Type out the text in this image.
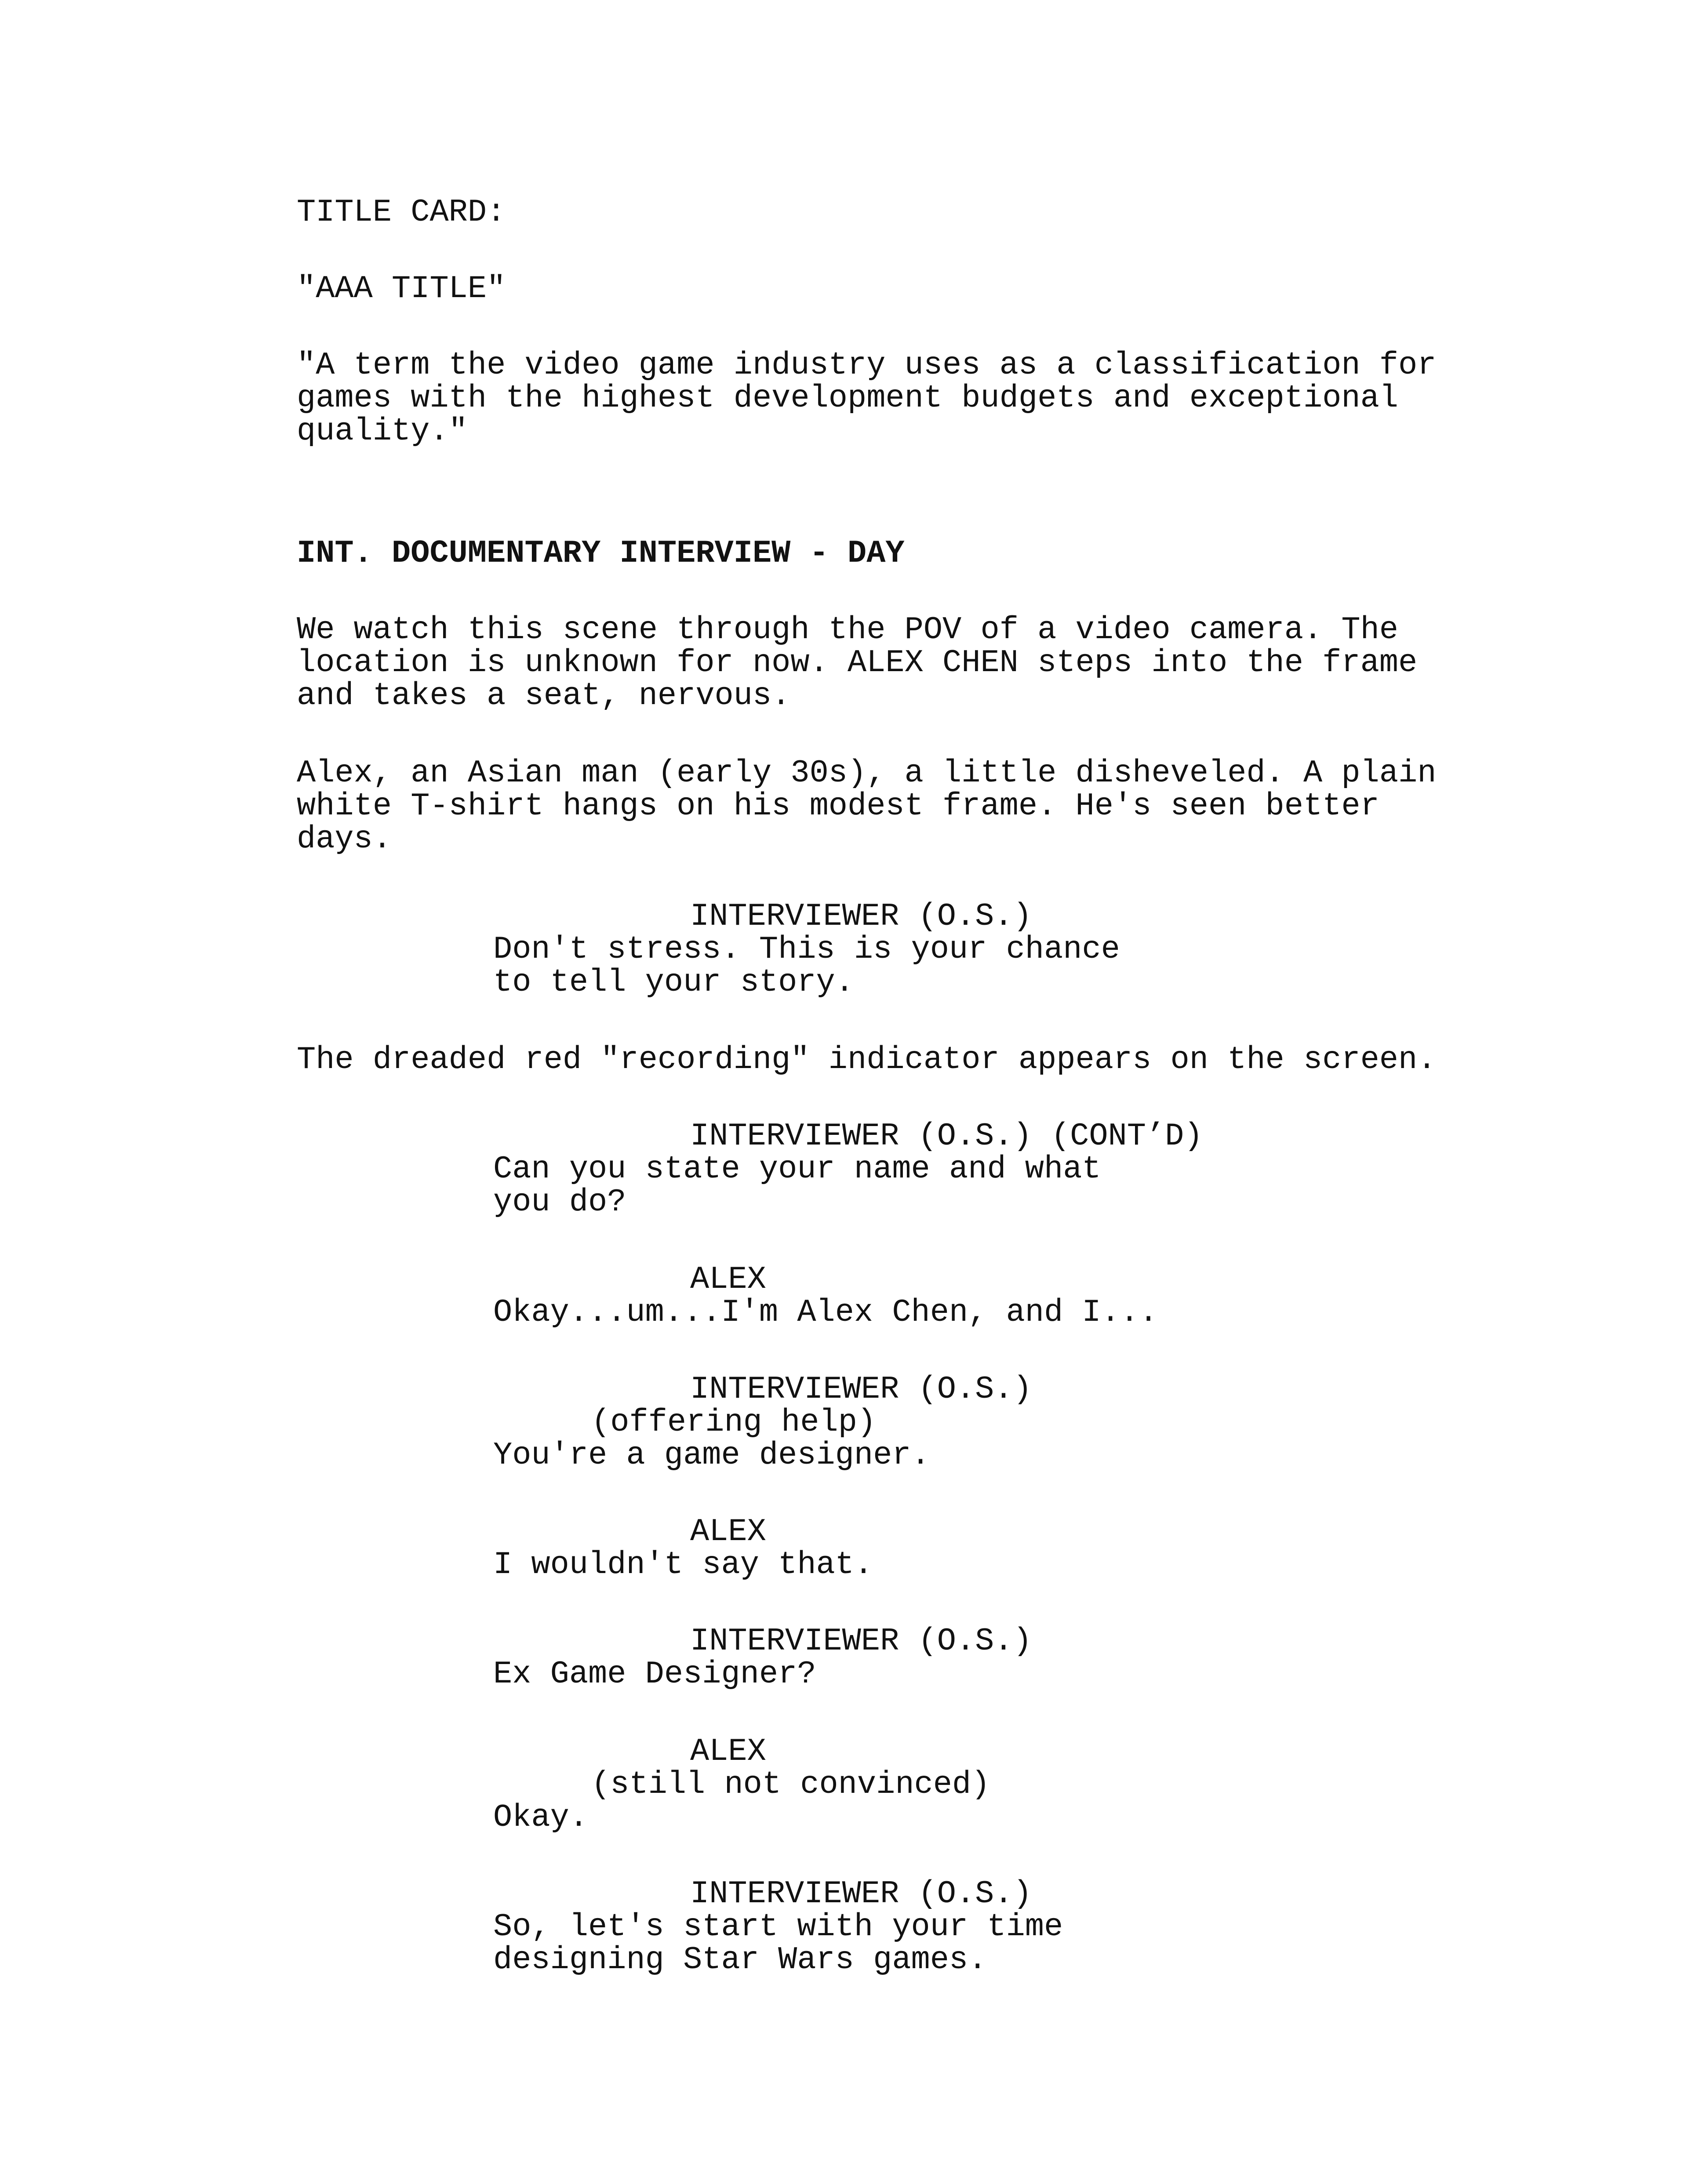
TITLE CARD:
"AAA TITLE"
"A term the video game industry uses as a classification for
games with the highest development budgets and exceptional
quality."
INT. DOCUMENTARY INTERVIEW - DAY
We watch this scene through the POV of a video camera. The
location is unknown for now. ALEX CHEN steps into the frame
and takes a seat, nervous.
Alex, an Asian man (early 30s), a little disheveled. A plain
white T-shirt hangs on his modest frame. He's seen better
days.
INTERVIEWER (O.S.)
Don't stress. This is your chance
to tell your story.
The dreaded red "recording" indicator appears on the screen.
INTERVIEWER (O.S.) (CONT’D)
Can you state your name and what
you do?
ALEX
Okay...um...I'm Alex Chen, and I...
INTERVIEWER (O.S.)
(offering help)
You're a game designer.
ALEX
I wouldn't say that.
INTERVIEWER (O.S.)
Ex Game Designer?
ALEX
(still not convinced)
Okay.
INTERVIEWER (O.S.)
So, let's start with your time
designing Star Wars games.
